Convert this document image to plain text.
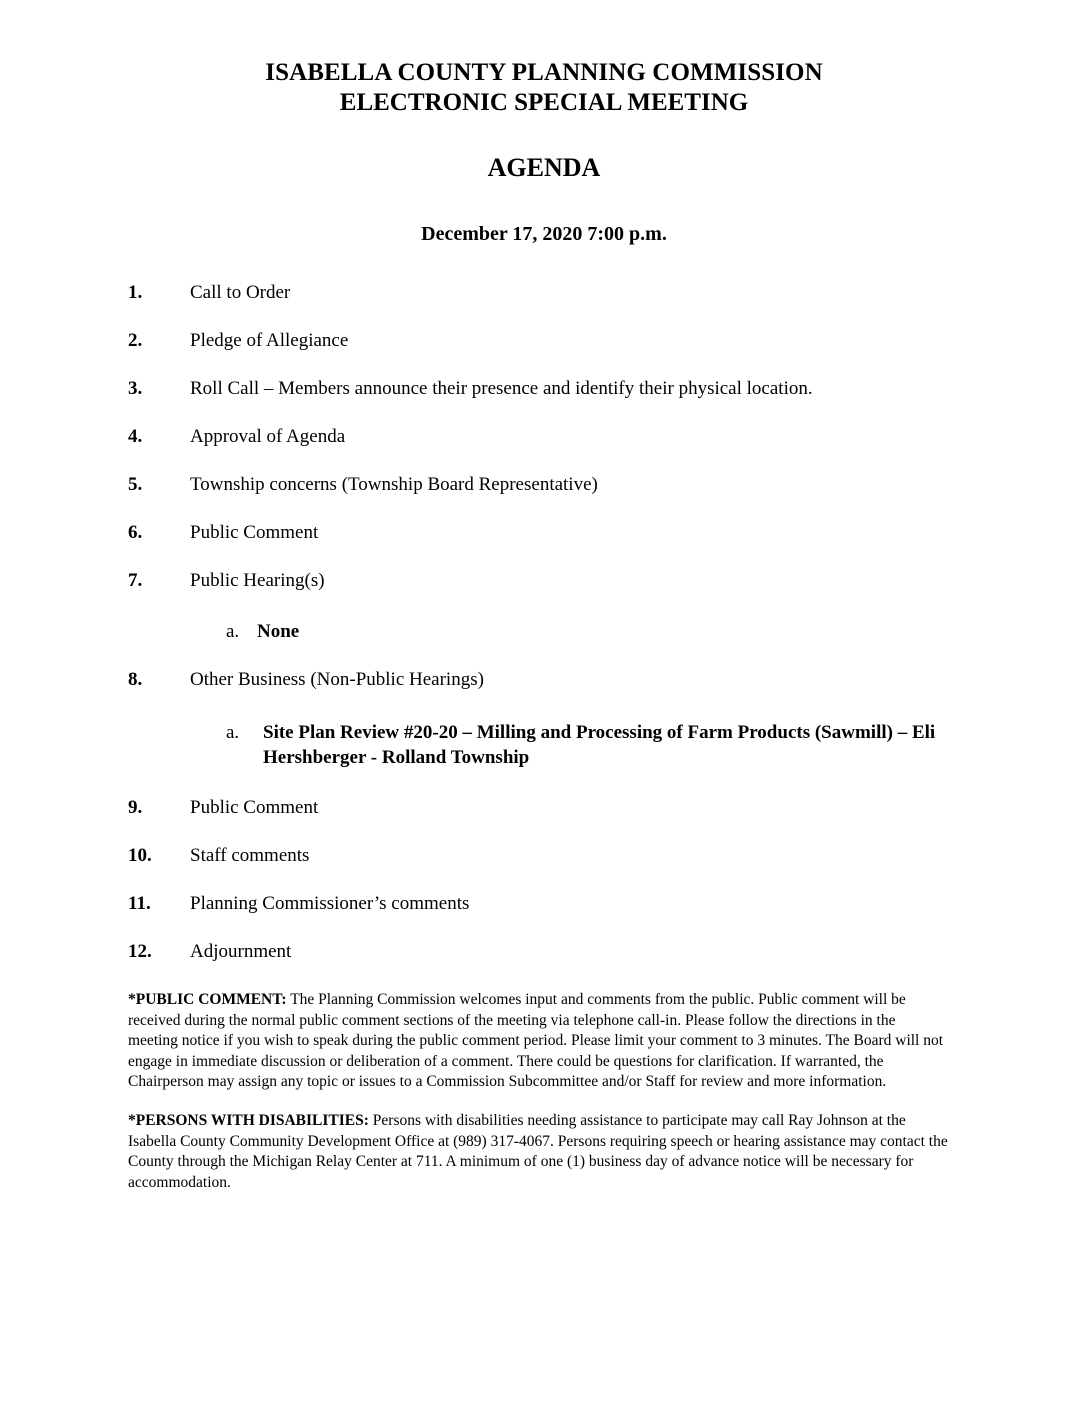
ISABELLA COUNTY PLANNING COMMISSION
ELECTRONIC SPECIAL MEETING
AGENDA
December 17, 2020 7:00 p.m.
1.	Call to Order
2.	Pledge of Allegiance
3.	Roll Call – Members announce their presence and identify their physical location.
4.	Approval of Agenda
5.	Township concerns (Township Board Representative)
6.	Public Comment
7.	Public Hearing(s)
a. None
8.	Other Business (Non-Public Hearings)
a. Site Plan Review #20-20 – Milling and Processing of Farm Products (Sawmill) – Eli Hershberger - Rolland Township
9.	Public Comment
10. Staff comments
11. Planning Commissioner’s comments
12. Adjournment

*PUBLIC COMMENT: The Planning Commission welcomes input and comments from the public. Public comment will be received during the normal public comment sections of the meeting via telephone call-in. Please follow the directions in the meeting notice if you wish to speak during the public comment period. Please limit your comment to 3 minutes. The Board will not engage in immediate discussion or deliberation of a comment. There could be questions for clarification. If warranted, the Chairperson may assign any topic or issues to a Commission Subcommittee and/or Staff for review and more information.

*PERSONS WITH DISABILITIES: Persons with disabilities needing assistance to participate may call Ray Johnson at the Isabella County Community Development Office at (989) 317-4067. Persons requiring speech or hearing assistance may contact the County through the Michigan Relay Center at 711. A minimum of one (1) business day of advance notice will be necessary for accommodation.
